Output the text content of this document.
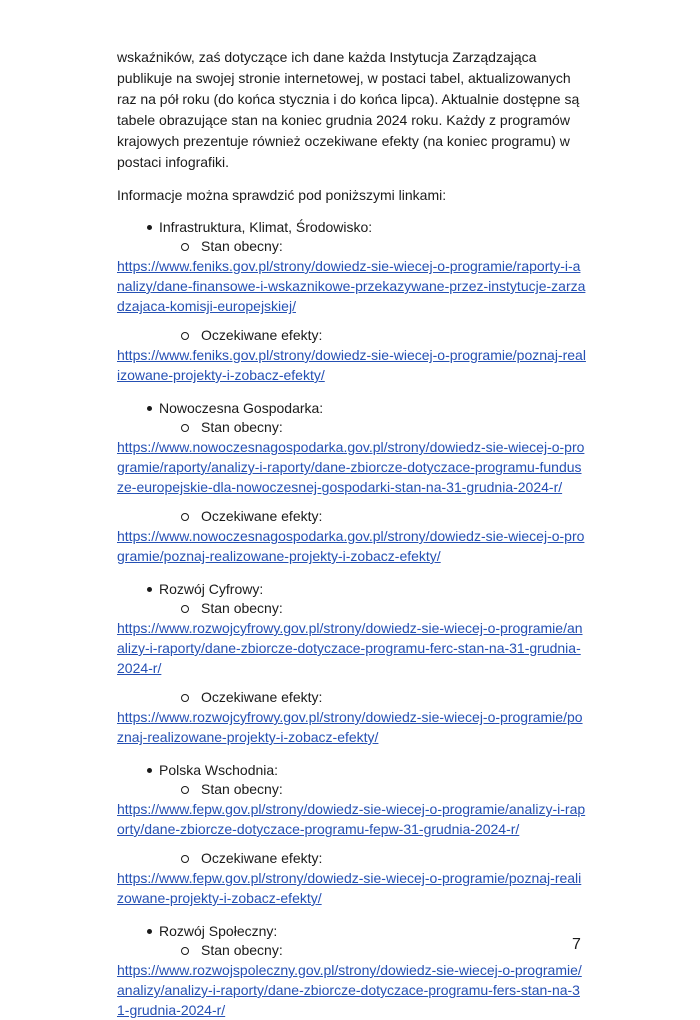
wskaźników, zaś dotyczące ich dane każda Instytucja Zarządzająca publikuje na swojej stronie internetowej, w postaci tabel, aktualizowanych raz na pół roku (do końca stycznia i do końca lipca). Aktualnie dostępne są tabele obrazujące stan na koniec grudnia 2024 roku. Każdy z programów krajowych prezentuje również oczekiwane efekty (na koniec programu) w postaci infografiki.

Informacje można sprawdzić pod poniższymi linkami:

Infrastruktura, Klimat, Środowisko:
Stan obecny:
https://www.feniks.gov.pl/strony/dowiedz-sie-wiecej-o-programie/raporty-i-analizy/dane-finansowe-i-wskaznikowe-przekazywane-przez-instytucje-zarzadzajaca-komisji-europejskiej/
Oczekiwane efekty:
https://www.feniks.gov.pl/strony/dowiedz-sie-wiecej-o-programie/poznaj-realizowane-projekty-i-zobacz-efekty/
Nowoczesna Gospodarka:
Stan obecny:
https://www.nowoczesnagospodarka.gov.pl/strony/dowiedz-sie-wiecej-o-programie/raporty/analizy-i-raporty/dane-zbiorcze-dotyczace-programu-fundusze-europejskie-dla-nowoczesnej-gospodarki-stan-na-31-grudnia-2024-r/
Oczekiwane efekty:
https://www.nowoczesnagospodarka.gov.pl/strony/dowiedz-sie-wiecej-o-programie/poznaj-realizowane-projekty-i-zobacz-efekty/
Rozwój Cyfrowy:
Stan obecny:
https://www.rozwojcyfrowy.gov.pl/strony/dowiedz-sie-wiecej-o-programie/analizy-i-raporty/dane-zbiorcze-dotyczace-programu-ferc-stan-na-31-grudnia-2024-r/
Oczekiwane efekty:
https://www.rozwojcyfrowy.gov.pl/strony/dowiedz-sie-wiecej-o-programie/poznaj-realizowane-projekty-i-zobacz-efekty/
Polska Wschodnia:
Stan obecny:
https://www.fepw.gov.pl/strony/dowiedz-sie-wiecej-o-programie/analizy-i-raporty/dane-zbiorcze-dotyczace-programu-fepw-31-grudnia-2024-r/
Oczekiwane efekty:
https://www.fepw.gov.pl/strony/dowiedz-sie-wiecej-o-programie/poznaj-realizowane-projekty-i-zobacz-efekty/
Rozwój Społeczny:
Stan obecny:
https://www.rozwojspoleczny.gov.pl/strony/dowiedz-sie-wiecej-o-programie/analizy/analizy-i-raporty/dane-zbiorcze-dotyczace-programu-fers-stan-na-31-grudnia-2024-r/
7
